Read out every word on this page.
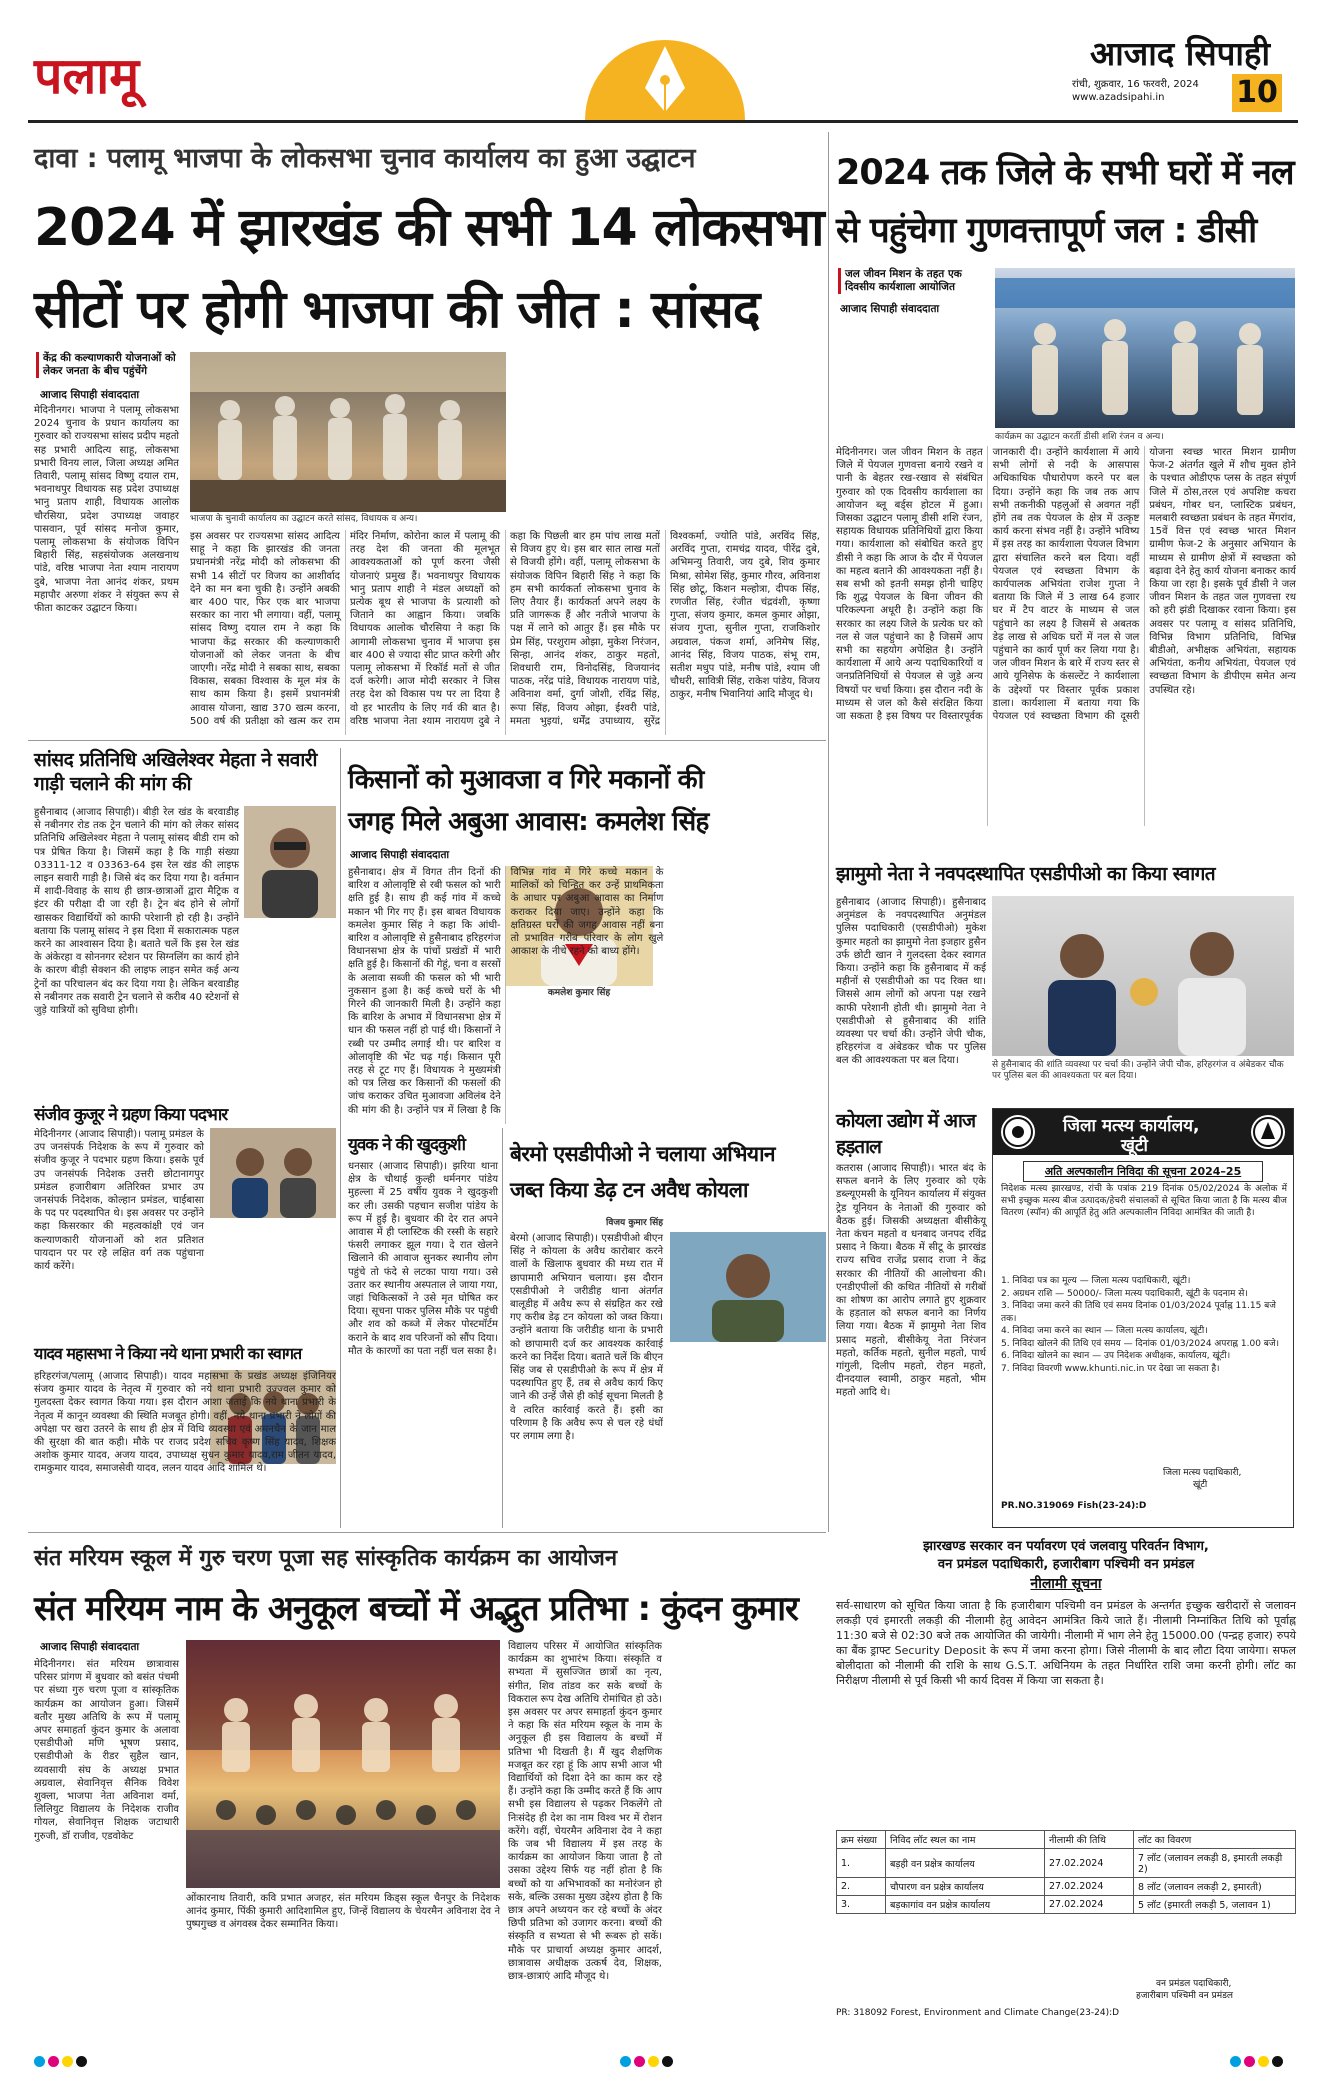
पलामू	आजाद सिपाही
रांची, शुक्रवार, 16 फरवरी, 2024
www.azadsipahi.in 10
दावा : पलामू भाजपा के लोकसभा चुनाव कार्यालय का हुआ उद्घाटन
2024 में झारखंड की सभी 14 लोकसभा
सीटों पर होगी भाजपा की जीत : सांसद
केंद्र की कल्याणकारी योजनाओं को लेकर जनता के बीच पहुंचेंगे
आजाद सिपाही संवाददाता
मेदिनीनगर। भाजपा ने पलामू लोकसभा 2024 चुनाव के प्रधान कार्यालय का गुरुवार को राज्यसभा सांसद प्रदीप महतो सह प्रभारी आदित्य साहू, लोकसभा प्रभारी विनय लाल, जिला अध्यक्ष अमित तिवारी, पलामू सांसद विष्णु दयाल राम, भवनाथपुर विधायक सह प्रदेश उपाध्यक्ष भानु प्रताप शाही, विधायक आलोक चौरसिया, प्रदेश उपाध्यक्ष जवाहर पासवान, पूर्व सांसद मनोज कुमार, पलामू लोकसभा के संयोजक विपिन बिहारी सिंह, सहसंयोजक अलखनाथ पांडे, वरिष्ठ भाजपा नेता श्याम नारायण दुबे, भाजपा नेता आनंद शंकर, प्रथम महापौर अरुणा शंकर ने संयुक्त रूप से फीता काटकर उद्घाटन किया।
भाजपा के चुनावी कार्यालय का उद्घाटन करते सांसद, विधायक व अन्य।
इस अवसर पर राज्यसभा सांसद आदित्य साहू ने कहा कि झारखंड की जनता प्रधानमंत्री नरेंद्र मोदी को लोकसभा की सभी 14 सीटों पर विजय का आशीर्वाद देने का मन बना चुकी है। उन्होंने अबकी बार 400 पार, फिर एक बार भाजपा सरकार का नारा भी लगाया। वहीं, पलामू सांसद विष्णु दयाल राम ने कहा कि भाजपा केंद्र सरकार की कल्याणकारी योजनाओं को लेकर जनता के बीच जाएगी। नरेंद्र मोदी ने सबका साथ, सबका विकास, सबका विश्वास के मूल मंत्र के साथ काम किया है। इसमें प्रधानमंत्री आवास योजना, खाद्य 370 खत्म करना, 500 वर्ष की प्रतीक्षा को खत्म कर राम मंदिर निर्माण, कोरोना काल में पलामू की तरह देश की जनता की मूलभूत आवश्यकताओं को पूर्ण करना जैसी योजनाएं प्रमुख हैं। भवनाथपुर विधायक भानु प्रताप शाही ने मंडल अध्यक्षों को प्रत्येक बूथ से भाजपा के प्रत्याशी को जिताने का आह्वान किया। जबकि विधायक आलोक चौरसिया ने कहा कि आगामी लोकसभा चुनाव में भाजपा इस बार 400 से ज्यादा सीट प्राप्त करेगी और पलामू लोकसभा में रिकॉर्ड मतों से जीत दर्ज करेगी। आज मोदी सरकार ने जिस तरह देश को विकास पथ पर ला दिया है वो हर भारतीय के लिए गर्व की बात है। वरिष्ठ भाजपा नेता श्याम नारायण दुबे ने कहा कि पिछली बार हम पांच लाख मतों से विजय हुए थे। इस बार सात लाख मतों से विजयी होंगे। वहीं, पलामू लोकसभा के संयोजक विपिन बिहारी सिंह ने कहा कि हम सभी कार्यकर्ता लोकसभा चुनाव के लिए तैयार हैं। कार्यकर्ता अपने लक्ष्य के प्रति जागरूक हैं और नतीजे भाजपा के पक्ष में लाने को आतुर हैं। इस मौके पर प्रेम सिंह, परशुराम ओझा, मुकेश निरंजन, सिन्हा, आनंद शंकर, ठाकुर महतो, शिवधारी राम, विनोदसिंह, विजयानंद पाठक, नरेंद्र पांडे, विधायक नारायण पांडे, अविनाश वर्मा, दुर्गा जोशी, रविंद्र सिंह, रूपा सिंह, विजय ओझा, ईश्वरी पांडे, ममता भुइयां, धर्मेंद्र उपाध्याय, सुरेंद्र विश्वकर्मा, ज्योति पांडे, अरविंद सिंह, अरविंद गुप्ता, रामचंद्र यादव, पीरेंद्र दुबे, अभिमन्यु तिवारी, जय दुबे, शिव कुमार मिश्रा, सोमेश सिंह, कुमार गौरव, अविनाश सिंह छोटू, किशन मल्होत्रा, दीपक सिंह, रणजीत सिंह, रंजीत चंद्रवंशी, कृष्णा गुप्ता, संजय कुमार, कमल कुमार ओझा, संजय गुप्ता, सुनील गुप्ता, राजकिशोर अग्रवाल, पंकज शर्मा, अनिमेष सिंह, आनंद सिंह, विजय पाठक, संभू राम, सतीश मधुप पांडे, मनीष पांडे, श्याम जी चौधरी, सावित्री सिंह, राकेश पांडेय, विजय ठाकुर, मनीष भिवानियां आदि मौजूद थे।
2024 तक जिले के सभी घरों में नल
से पहुंचेगा गुणवत्तापूर्ण जल : डीसी
जल जीवन मिशन के तहत एक दिवसीय कार्यशाला आयोजित
आजाद सिपाही संवाददाता
कार्यक्रम का उद्घाटन करतीं डीसी शशि रंजन व अन्य।
मेदिनीनगर। जल जीवन मिशन के तहत जिले में पेयजल गुणवत्ता बनाये रखने व पानी के बेहतर रख-रखाव से संबंधित गुरुवार को एक दिवसीय कार्यशाला का आयोजन ब्लू बर्ड्स होटल में हुआ। जिसका उद्घाटन पलामू डीसी शशि रंजन, सहायक विधायक प्रतिनिधियों द्वारा किया गया। कार्यशाला को संबोधित करते हुए डीसी ने कहा कि आज के दौर में पेयजल का महत्व बताने की आवश्यकता नहीं है। सब सभी को इतनी समझ होनी चाहिए कि शुद्ध पेयजल के बिना जीवन की परिकल्पना अधूरी है। उन्होंने कहा कि सरकार का लक्ष्य जिले के प्रत्येक घर को नल से जल पहुंचाने का है जिसमें आप सभी का सहयोग अपेक्षित है। उन्होंने कार्यशाला में आये अन्य पदाधिकारियों व जनप्रतिनिधियों से पेयजल से जुड़े अन्य विषयों पर चर्चा किया। इस दौरान नदी के माध्यम से जल को कैसे संरक्षित किया जा सकता है इस विषय पर विस्तारपूर्वक जानकारी दी। उन्होंने कार्यशाला में आये सभी लोगों से नदी के आसपास अधिकाधिक पौधारोपण करने पर बल दिया। उन्होंने कहा कि जब तक आप सभी तकनीकी पहलुओं से अवगत नहीं होंगे तब तक पेयजल के क्षेत्र में उत्कृष्ट कार्य करना संभव नहीं है। उन्होंने भविष्य में इस तरह का कार्यशाला पेयजल विभाग द्वारा संचालित करने बल दिया। वहीं पेयजल एवं स्वच्छता विभाग के कार्यपालक अभियंता राजेश गुप्ता ने बताया कि जिले में 3 लाख 64 हजार घर में टैप वाटर के माध्यम से जल पहुंचाने का लक्ष्य है जिसमें से अबतक डेढ़ लाख से अधिक घरों में नल से जल पहुंचाने का कार्य पूर्ण कर लिया गया है। जल जीवन मिशन के बारे में राज्य स्तर से आये यूनिसेफ के कंसल्टेंट ने कार्यशाला के उद्देश्यों पर विस्तार पूर्वक प्रकाश डाला। कार्यशाला में बताया गया कि पेयजल एवं स्वच्छता विभाग की दूसरी योजना स्वच्छ भारत मिशन ग्रामीण फेज-2 अंतर्गत खुले में शौच मुक्त होने के पश्चात ओडीएफ प्लस के तहत संपूर्ण जिले में ठोस,तरल एवं अपशिष्ट कचरा प्रबंधन, गोबर धन, प्लास्टिक प्रबंधन, मलबारी स्वच्छता प्रबंधन के तहत मेंगरांव, 15वें वित्त एवं स्वच्छ भारत मिशन ग्रामीण फेज-2 के अनुसार अभियान के माध्यम से ग्रामीण क्षेत्रों में स्वच्छता को बढ़ावा देने हेतु कार्य योजना बनाकर कार्य किया जा रहा है। इसके पूर्व डीसी ने जल जीवन मिशन के तहत जल गुणवत्ता रथ को हरी झंडी दिखाकर रवाना किया। इस अवसर पर पलामू व सांसद प्रतिनिधि, विभिन्न विभाग प्रतिनिधि, विभिन्न बीडीओ, अभीक्षक अभियंता, सहायक अभियंता, कनीय अभियंता, पेयजल एवं स्वच्छता विभाग के डीपीएम समेत अन्य उपस्थित रहे।
सांसद प्रतिनिधि अखिलेश्वर मेहता ने सवारी गाड़ी चलाने की मांग की
हुसैनाबाद (आजाद सिपाही)। बीड़ी रेल खंड के बरवाडीह से नबीनगर रोड तक ट्रेन चलाने की मांग को लेकर सांसद प्रतिनिधि अखिलेश्वर मेहता ने पलामू सांसद बीडी राम को पत्र प्रेषित किया है। जिसमें कहा है कि गाड़ी संख्या 03311-12 व 03363-64 इस रेल खंड की लाइफ लाइन सवारी गाड़ी है। जिसे बंद कर दिया गया है। वर्तमान में शादी-विवाह के साथ ही छात्र-छात्राओं द्वारा मैट्रिक व इंटर की परीक्षा दी जा रही है। ट्रेन बंद होने से लोगों खासकर विद्यार्थियों को काफी परेशानी हो रही है। उन्होंने बताया कि पलामू सांसद ने इस दिशा में सकारात्मक पहल करने का आश्वासन दिया है। बताते चलें कि इस रेल खंड के अंकेरहा व सोननगर स्टेशन पर सिग्नलिंग का कार्य होने के कारण बीड़ी सेक्शन की लाइफ लाइन समेत कई अन्य ट्रेनों का परिचालन बंद कर दिया गया है। लेकिन बरवाडीह से नबीनगर तक सवारी ट्रेन चलाने से करीब 40 स्टेशनों से जुड़े यात्रियों को सुविधा होगी।
संजीव कुजूर ने ग्रहण किया पदभार
मेदिनीनगर (आजाद सिपाही)। पलामू प्रमंडल के उप जनसंपर्क निदेशक के रूप में गुरुवार को संजीव कुजूर ने पदभार ग्रहण किया। इसके पूर्व उप जनसंपर्क निदेशक उत्तरी छोटानागपुर प्रमंडल हजारीबाग अतिरिक्त प्रभार उप जनसंपर्क निदेशक, कोल्हान प्रमंडल, चाईबासा के पद पर पदस्थापित थे। इस अवसर पर उन्होंने कहा किसरकार की महत्वकांक्षी एवं जन कल्याणकारी योजनाओं को शत प्रतिशत पायदान पर पर रहे लक्षित वर्ग तक पहुंचाना कार्य करेंगे।
यादव महासभा ने किया नये थाना प्रभारी का स्वागत
हरिहरगंज/पलामू (आजाद सिपाही)। यादव महासभा के प्रखंड अध्यक्ष इंजिनियर संजय कुमार यादव के नेतृत्व में गुरुवार को नये थाना प्रभारी उज्ज्वल कुमार को गुलदस्ता देकर स्वागत किया गया। इस दौरान आशा जताई कि नये थाना प्रभारी के नेतृत्व में कानून व्यवस्था की स्थिति मजबूत होगी। वहीं, नये थाना प्रभारी ने लोगों की अपेक्षा पर खरा उतरने के साथ ही क्षेत्र में विधि व्यवस्था एवं अमनचैन के जान माल की सुरक्षा की बात कही। मौके पर राजद प्रदेश सचिव कृष्ण सिंह यादव, शिक्षक अशोक कुमार यादव, अजय यादव, उपाध्यक्ष सुधन कुमार यादव,राम जीतन यादव, रामकुमार यादव, समाजसेवी यादव, ललन यादव आदि शामिल थे।
किसानों को मुआवजा व गिरे मकानों की
जगह मिले अबुआ आवास: कमलेश सिंह
आजाद सिपाही संवाददाता
कमलेश कुमार सिंह
हुसैनाबाद। क्षेत्र में विगत तीन दिनों की बारिश व ओलावृष्टि से रबी फसल को भारी क्षति हुई है। साथ ही कई गांव में कच्चे मकान भी गिर गए हैं। इस बाबत विधायक कमलेश कुमार सिंह ने कहा कि आंधी-बारिश व ओलावृष्टि से हुसैनाबाद हरिहरगंज विधानसभा क्षेत्र के पांचों प्रखंडों में भारी क्षति हुई है। किसानों की गेहूं, चना व सरसों के अलावा सब्जी की फसल को भी भारी नुकसान हुआ है। कई कच्चे घरों के भी गिरने की जानकारी मिली है। उन्होंने कहा कि बारिश के अभाव में विधानसभा क्षेत्र में धान की फसल नहीं हो पाई थी। किसानों ने रब्बी पर उम्मीद लगाई थी। पर बारिश व ओलावृष्टि की भेंट चढ़ गई। किसान पूरी तरह से टूट गए हैं। विधायक ने मुख्यमंत्री को पत्र लिख कर किसानों की फसलों की जांच कराकर उचित मुआवजा अविलंब देने की मांग की है। उन्होंने पत्र में लिखा है कि विभिन्न गांव में गिरे कच्चे मकान के मालिकों को चिन्हित कर उन्हें प्राथमिकता के आधार पर अबुआ आवास का निर्माण कराकर दिया जाए। उन्होंने कहा कि क्षतिग्रस्त घरों की जगह आवास नहीं बना तो प्रभावित गरीब परिवार के लोग खुले आकाश के नीचे रहने को बाध्य होंगे।
युवक ने की खुदकुशी
धनसार (आजाद सिपाही)। झरिया थाना क्षेत्र के चौथाई कुल्ही धर्मनगर पांडेय मुहल्ला में 25 वर्षीय युवक ने खुदकुशी कर ली। उसकी पहचान सजीश पांडेय के रूप में हुई है। बुधवार की देर रात अपने आवास में ही प्लास्टिक की रस्सी के सहारे फंसरी लगाकर झूल गया। दे रात खेलने खिलाने की आवाज सुनकर स्थानीय लोग पहुंचे तो फंदे से लटका पाया गया। उसे उतार कर स्थानीय अस्पताल ले जाया गया, जहां चिकित्सकों ने उसे मृत घोषित कर दिया। सूचना पाकर पुलिस मौके पर पहुंची और शव को कब्जे में लेकर पोस्टमॉर्टम कराने के बाद शव परिजनों को सौंप दिया। मौत के कारणों का पता नहीं चल सका है।
बेरमो एसडीपीओ ने चलाया अभियान
जब्त किया डेढ़ टन अवैध कोयला
विजय कुमार सिंह
बेरमो (आजाद सिपाही)। एसडीपीओ बीएन सिंह ने कोयला के अवैध कारोबार करने वालों के खिलाफ बुधवार की मध्य रात में छापामारी अभियान चलाया। इस दौरान एसडीपीओ ने जरीडीह थाना अंतर्गत बालूडीह में अवैध रूप से संग्रहित कर रखे गए करीब डेढ़ टन कोयला को जब्त किया। उन्होंने बताया कि जरीडीह थाना के प्रभारी को छापामारी दर्ज कर आवश्यक कार्रवाई करने का निर्देश दिया। बताते चलें कि बीएन सिंह जब से एसडीपीओ के रूप में क्षेत्र में पदस्थापित हुए हैं, तब से अवैध कार्य किए जाने की उन्हें जैसे ही कोई सूचना मिलती है वे त्वरित कार्रवाई करते हैं। इसी का परिणाम है कि अवैध रूप से चल रहे धंधों पर लगाम लगा है।
झामुमो नेता ने नवपदस्थापित एसडीपीओ का किया स्वागत
हुसैनाबाद (आजाद सिपाही)। हुसैनाबाद अनुमंडल के नवपदस्थापित अनुमंडल पुलिस पदाधिकारी (एसडीपीओ) मुकेश कुमार महतो का झामुमो नेता इजहार हुसैन उर्फ छोटी खान ने गुलदस्ता देकर स्वागत किया। उन्होंने कहा कि हुसैनाबाद में कई महीनों से एसडीपीओ का पद रिक्त था। जिससे आम लोगों को अपना पक्ष रखने काफी परेशानी होती थी। झामुमो नेता ने एसडीपीओ से हुसैनाबाद की शांति व्यवस्था पर चर्चा की। उन्होंने जेपी चौक, हरिहरगंज व अंबेडकर चौक पर पुलिस बल की आवश्यकता पर बल दिया।	से हुसैनाबाद की शांति व्यवस्था पर चर्चा की। उन्होंने जेपी चौक, हरिहरगंज व अंबेडकर चौक पर पुलिस बल की आवश्यकता पर बल दिया।
कोयला उद्योग में आज हड़ताल
कतरास (आजाद सिपाही)। भारत बंद के सफल बनाने के लिए गुरुवार को एके डब्ल्यूएमसी के यूनियन कार्यालय में संयुक्त ट्रेड यूनियन के नेताओं की गुरुवार को बैठक हुई। जिसकी अध्यक्षता बीसीकेयू नेता कंचन महतो व धनबाद जनपद रविंद्र प्रसाद ने किया। बैठक में सीटू के झारखंड राज्य सचिव राजेंद्र प्रसाद राजा ने केंद्र सरकार की नीतियों की आलोचना की। एनडीएपीलों की कथित नीतियों से गरीबों का शोषण का आरोप लगाते हुए शुक्रवार के हड़ताल को सफल बनाने का निर्णय लिया गया। बैठक में झामुमो नेता शिव प्रसाद महतो, बीसीकेयू नेता निरंजन महतो, कर्तिक महतो, सुनील महतो, पार्थ गांगुली, दिलीप महतो, रोहन महतो, दीनदयाल स्वामी, ठाकुर महतो, भीम महतो आदि थे।
जिला मत्स्य कार्यालय,
खूंटी
अति अल्पकालीन निविदा की सूचना 2024–25
निदेशक मत्स्य झारखण्ड, रांची के पत्रांक 219 दिनांक 05/02/2024 के अलोक में सभी इच्छुक मत्स्य बीज उत्पादक/हेचरी संचालकों से सूचित किया जाता है कि मत्स्य बीज वितरण (स्पॉन) की आपूर्ति हेतु अति अल्पकालीन निविदा आमंत्रित की जाती है।
1. निविदा पत्र का मूल्य — जिला मत्स्य पदाधिकारी, खूंटी।
2. अग्रधन राशि — 50000/- जिला मत्स्य पदाधिकारी, खूंटी के पदनाम से।
3. निविदा जमा करने की तिथि एवं समय दिनांक 01/03/2024 पूर्वाह्न 11.15 बजे तक।
4. निविदा जमा करने का स्थान — जिला मत्स्य कार्यालय, खूंटी।
5. निविदा खोलने की तिथि एवं समय — दिनांक 01/03/2024 अपराह्न 1.00 बजे।
6. निविदा खोलने का स्थान — उप निदेशक अधीक्षक, कार्यालय, खूंटी।
7. निविदा विवरणी www.khunti.nic.in पर देखा जा सकता है।
जिला मत्स्य पदाधिकारी,
खूंटी
PR.NO.319069 Fish(23-24):D
झारखण्ड सरकार वन पर्यावरण एवं जलवायु परिवर्तन विभाग,
वन प्रमंडल पदाधिकारी, हजारीबाग पश्चिमी वन प्रमंडल
नीलामी सूचना
सर्व-साधारण को सूचित किया जाता है कि हजारीबाग पश्चिमी वन प्रमंडल के अन्तर्गत इच्छुक खरीदारों से जलावन लकड़ी एवं इमारती लकड़ी की नीलामी हेतु आवेदन आमंत्रित किये जाते हैं। नीलामी निम्नांकित तिथि को पूर्वाह्न 11:30 बजे से 02:30 बजे तक आयोजित की जायेगी। नीलामी में भाग लेने हेतु 15000.00 (पन्द्रह हजार) रुपये का बैंक ड्राफ्ट Security Deposit के रूप में जमा करना होगा। जिसे नीलामी के बाद लौटा दिया जायेगा। सफल बोलीदाता को नीलामी की राशि के साथ G.S.T. अधिनियम के तहत निर्धारित राशि जमा करनी होगी। लॉट का निरीक्षण नीलामी से पूर्व किसी भी कार्य दिवस में किया जा सकता है।
क्रम संख्या	निविद लॉट स्थल का नाम	नीलामी की तिथि	लॉट का विवरण
1.	बड़ही वन प्रक्षेत्र कार्यालय	27.02.2024	7 लॉट (जलावन लकड़ी 8, इमारती लकड़ी 2)
2.	चौपारण वन प्रक्षेत्र कार्यालय	27.02.2024	8 लॉट (जलावन लकड़ी 2, इमारती)
3.	बड़कागांव वन प्रक्षेत्र कार्यालय	27.02.2024	5 लॉट (इमारती लकड़ी 5, जलावन 1)
वन प्रमंडल पदाधिकारी,
हजारीबाग पश्चिमी वन प्रमंडल
PR: 318092 Forest, Environment and Climate Change(23-24):D
संत मरियम स्कूल में गुरु चरण पूजा सह सांस्कृतिक कार्यक्रम का आयोजन
संत मरियम नाम के अनुकूल बच्चों में अद्भुत प्रतिभा : कुंदन कुमार
आजाद सिपाही संवाददाता
मेदिनीनगर। संत मरियम छात्रावास परिसर प्रांगण में बुधवार को बसंत पंचमी पर संध्या गुरु चरण पूजा व सांस्कृतिक कार्यक्रम का आयोजन हुआ। जिसमें बतौर मुख्य अतिथि के रूप में पलामू अपर समाहर्ता कुंदन कुमार के अलावा एसडीपीओ मणि भूषण प्रसाद, एसडीपीओ के रीडर सुहैल खान, व्यवसायी संघ के अध्यक्ष प्रभात अग्रवाल, सेवानिवृत्त सैनिक विवेश शुक्ला, भाजपा नेता अविनाश वर्मा, लिलियुट विद्यालय के निदेशक राजीव गोयल, सेवानिवृत्त शिक्षक जटाधारी गुरुजी, डॉ राजीव, एडवोकेट
ओंकारनाथ तिवारी, कवि प्रभात अजहर, संत मरियम किड्स स्कूल चैनपुर के निदेशक आनंद कुमार, पिंकी कुमारी आदिशामिल हुए, जिन्हें विद्यालय के चेयरमैन अविनाश देव ने पुष्पगुच्छ व अंगवस्त्र देकर सम्मानित किया।
विद्यालय परिसर में आयोजित सांस्कृतिक कार्यक्रम का शुभारंभ किया। संस्कृति व सभ्यता में सुसज्जित छात्रों का नृत्य, संगीत, शिव तांडव कर सके बच्चों के विकराल रूप देख अतिथि रोमांचित हो उठे। इस अवसर पर अपर समाहर्ता कुंदन कुमार ने कहा कि संत मरियम स्कूल के नाम के अनुकूल ही इस विद्यालय के बच्चों में प्रतिभा भी दिखती है। मैं खुद शैक्षणिक मजबूत कर रहा हूं कि आप सभी आज भी विद्यार्थियों को दिशा देने का काम कर रहे हैं। उन्होंने कहा कि उम्मीद करते हैं कि आप सभी इस विद्यालय से पढ़कर निकलेंगे तो निःसंदेह ही देश का नाम विश्व भर में रोशन करेंगे। वहीं, चेयरमैन अविनाश देव ने कहा कि जब भी विद्यालय में इस तरह के कार्यक्रम का आयोजन किया जाता है तो उसका उद्देश्य सिर्फ यह नहीं होता है कि बच्चों को या अभिभावकों का मनोरंजन हो सके, बल्कि उसका मुख्य उद्देश्य होता है कि छात्र अपने अध्ययन कर रहे बच्चों के अंदर छिपी प्रतिभा को उजागर करना। बच्चों की संस्कृति व सभ्यता से भी रूबरू हो सकें। मौके पर प्राचार्या अध्यक्ष कुमार आदर्श, छात्रावास अधीक्षक उत्कर्ष देव, शिक्षक, छात्र-छात्राएं आदि मौजूद थे।
